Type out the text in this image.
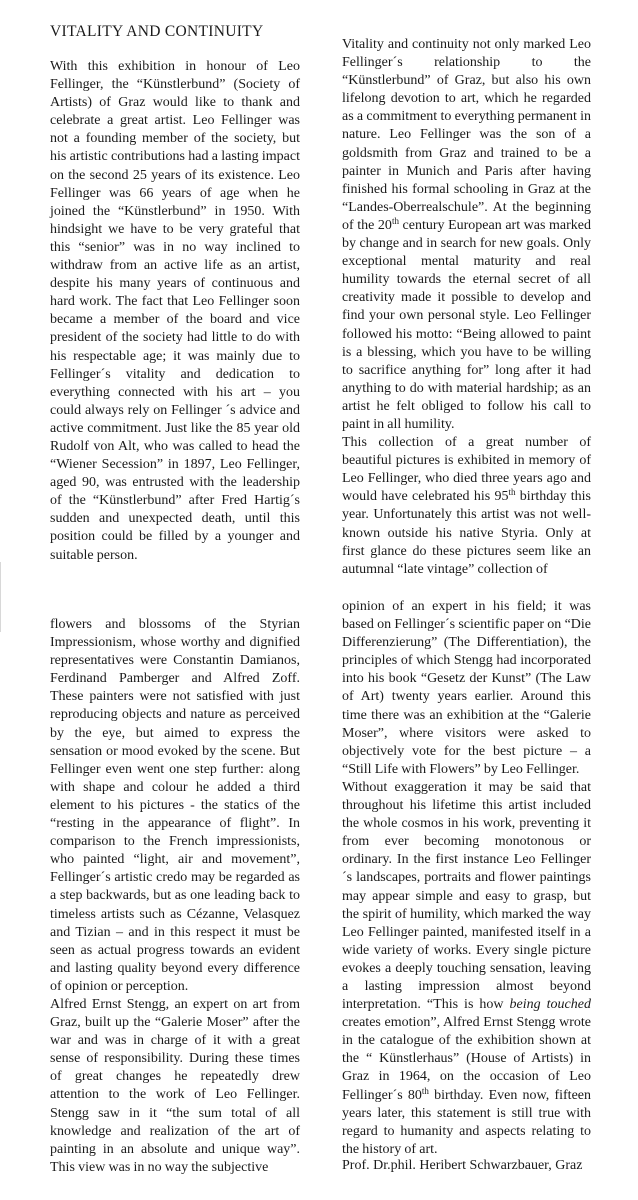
VITALITY AND CONTINUITY

With this exhibition in honour of Leo Fellinger, the “Künstlerbund” (Society of Artists) of Graz would like to thank and celebrate a great artist. Leo Fellinger was not a founding member of the society, but his artistic contributions had a lasting impact on the second 25 years of its existence. Leo Fellinger was 66 years of age when he joined the “Künstlerbund” in 1950. With hindsight we have to be very grateful that this “senior” was in no way inclined to withdraw from an active life as an artist, despite his many years of continuous and hard work. The fact that Leo Fellinger soon became a member of the board and vice president of the society had little to do with his respectable age; it was mainly due to Fellinger´s vitality and dedication to everything connected with his art – you could always rely on Fellinger ´s advice and active commitment. Just like the 85 year old Rudolf von Alt, who was called to head the “Wiener Secession” in 1897, Leo Fellinger, aged 90, was entrusted with the leadership of the “Künstlerbund” after Fred Hartig´s sudden and unexpected death, until this position could be filled by a younger and suitable person.

Vitality and continuity not only marked Leo Fellinger´s relationship to the “Künstlerbund” of Graz, but also his own lifelong devotion to art, which he regarded as a commitment to everything permanent in nature. Leo Fellinger was the son of a goldsmith from Graz and trained to be a painter in Munich and Paris after having finished his formal schooling in Graz at the “Landes-Oberrealschule”. At the beginning of the 20th century European art was marked by change and in search for new goals. Only exceptional mental maturity and real humility towards the eternal secret of all creativity made it possible to develop and find your own personal style. Leo Fellinger followed his motto: “Being allowed to paint is a blessing, which you have to be willing to sacrifice anything for” long after it had anything to do with material hardship; as an artist he felt obliged to follow his call to paint in all humility.

This collection of a great number of beautiful pictures is exhibited in memory of Leo Fellinger, who died three years ago and would have celebrated his 95th birthday this year. Unfortunately this artist was not well-known outside his native Styria. Only at first glance do these pictures seem like an autumnal “late vintage” collection of

flowers and blossoms of the Styrian Impressionism, whose worthy and dignified representatives were Constantin Damianos, Ferdinand Pamberger and Alfred Zoff. These painters were not satisfied with just reproducing objects and nature as perceived by the eye, but aimed to express the sensation or mood evoked by the scene. But Fellinger even went one step further: along with shape and colour he added a third element to his pictures - the statics of the “resting in the appearance of flight”. In comparison to the French impressionists, who painted “light, air and movement”, Fellinger´s artistic credo may be regarded as a step backwards, but as one leading back to timeless artists such as Cézanne, Velasquez and Tizian – and in this respect it must be seen as actual progress towards an evident and lasting quality beyond every difference of opinion or perception.

Alfred Ernst Stengg, an expert on art from Graz, built up the “Galerie Moser” after the war and was in charge of it with a great sense of responsibility. During these times of great changes he repeatedly drew attention to the work of Leo Fellinger. Stengg saw in it “the sum total of all knowledge and realization of the art of painting in an absolute and unique way”. This view was in no way the subjective

opinion of an expert in his field; it was based on Fellinger´s scientific paper on “Die Differenzierung” (The Differentiation), the principles of which Stengg had incorporated into his book “Gesetz der Kunst” (The Law of Art) twenty years earlier. Around this time there was an exhibition at the “Galerie Moser”, where visitors were asked to objectively vote for the best picture – a “Still Life with Flowers” by Leo Fellinger.

Without exaggeration it may be said that throughout his lifetime this artist included the whole cosmos in his work, preventing it from ever becoming monotonous or ordinary. In the first instance Leo Fellinger ´s landscapes, portraits and flower paintings may appear simple and easy to grasp, but the spirit of humility, which marked the way Leo Fellinger painted, manifested itself in a wide variety of works. Every single picture evokes a deeply touching sensation, leaving a lasting impression almost beyond interpretation. “This is how being touched creates emotion”, Alfred Ernst Stengg wrote in the catalogue of the exhibition shown at the “ Künstlerhaus” (House of Artists) in Graz in 1964, on the occasion of Leo Fellinger´s 80th birthday. Even now, fifteen years later, this statement is still true with regard to humanity and aspects relating to the history of art.

Prof. Dr.phil. Heribert Schwarzbauer, Graz
